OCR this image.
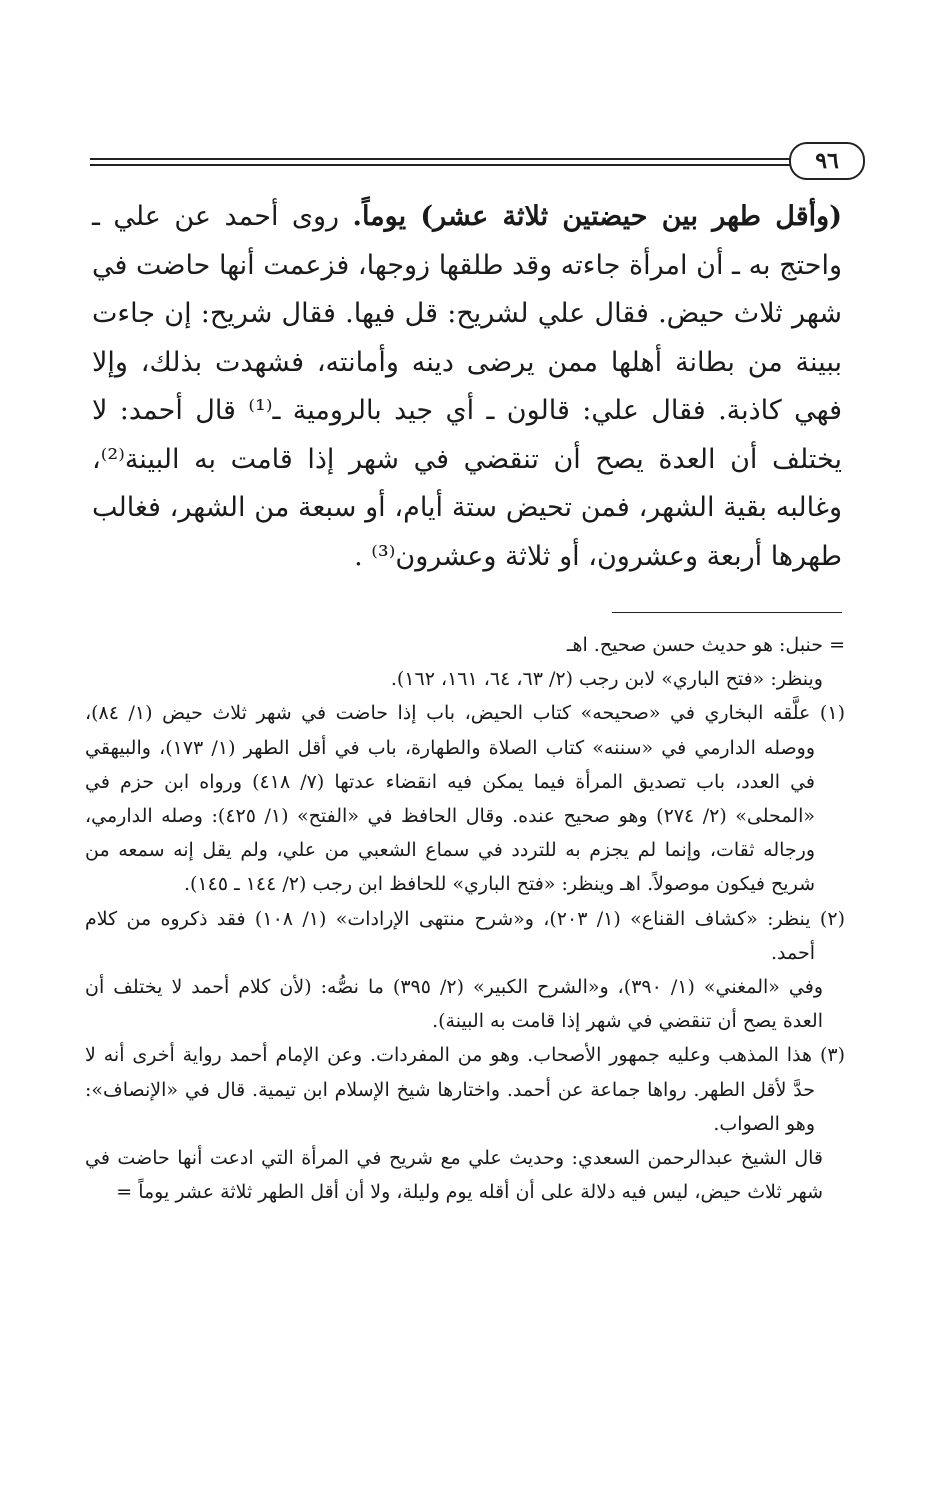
٩٦

(وأقل طهر بين حيضتين ثلاثة عشر) يوماً. روى أحمد عن علي ـ واحتج به ـ أن امرأة جاءته وقد طلقها زوجها، فزعمت أنها حاضت في شهر ثلاث حيض. فقال علي لشريح: قل فيها. فقال شريح: إن جاءت ببينة من بطانة أهلها ممن يرضى دينه وأمانته، فشهدت بذلك، وإلا فهي كاذبة. فقال علي: قالون ـ أي جيد بالرومية ـ⁽¹⁾ قال أحمد: لا يختلف أن العدة يصح أن تنقضي في شهر إذا قامت به البينة⁽²⁾، وغالبه بقية الشهر، فمن تحيض ستة أيام، أو سبعة من الشهر، فغالب طهرها أربعة وعشرون، أو ثلاثة وعشرون⁽³⁾ .

= حنبل: هو حديث حسن صحيح. اهـ

وينظر: «فتح الباري» لابن رجب (٢/ ٦٣، ٦٤، ١٦١، ١٦٢).

(١) علَّقه البخاري في «صحيحه» كتاب الحيض، باب إذا حاضت في شهر ثلاث حيض (١/ ٨٤)، ووصله الدارمي في «سننه» كتاب الصلاة والطهارة، باب في أقل الطهر (١/ ١٧٣)، والبيهقي في العدد، باب تصديق المرأة فيما يمكن فيه انقضاء عدتها (٧/ ٤١٨) ورواه ابن حزم في «المحلى» (٢/ ٢٧٤) وهو صحيح عنده. وقال الحافظ في «الفتح» (١/ ٤٢٥): وصله الدارمي، ورجاله ثقات، وإنما لم يجزم به للتردد في سماع الشعبي من علي، ولم يقل إنه سمعه من شريح فيكون موصولاً. اهـ وينظر: «فتح الباري» للحافظ ابن رجب (٢/ ١٤٤ ـ ١٤٥).

(٢) ينظر: «كشاف القناع» (١/ ٢٠٣)، و«شرح منتهى الإرادات» (١/ ١٠٨) فقد ذكروه من كلام أحمد.

وفي «المغني» (١/ ٣٩٠)، و«الشرح الكبير» (٢/ ٣٩٥) ما نصُّه: (لأن كلام أحمد لا يختلف أن العدة يصح أن تنقضي في شهر إذا قامت به البينة).

(٣) هذا المذهب وعليه جمهور الأصحاب. وهو من المفردات. وعن الإمام أحمد رواية أخرى أنه لا حدَّ لأقل الطهر. رواها جماعة عن أحمد. واختارها شيخ الإسلام ابن تيمية. قال في «الإنصاف»: وهو الصواب.

قال الشيخ عبدالرحمن السعدي: وحديث علي مع شريح في المرأة التي ادعت أنها حاضت في شهر ثلاث حيض، ليس فيه دلالة على أن أقله يوم وليلة، ولا أن أقل الطهر ثلاثة عشر يوماً =
